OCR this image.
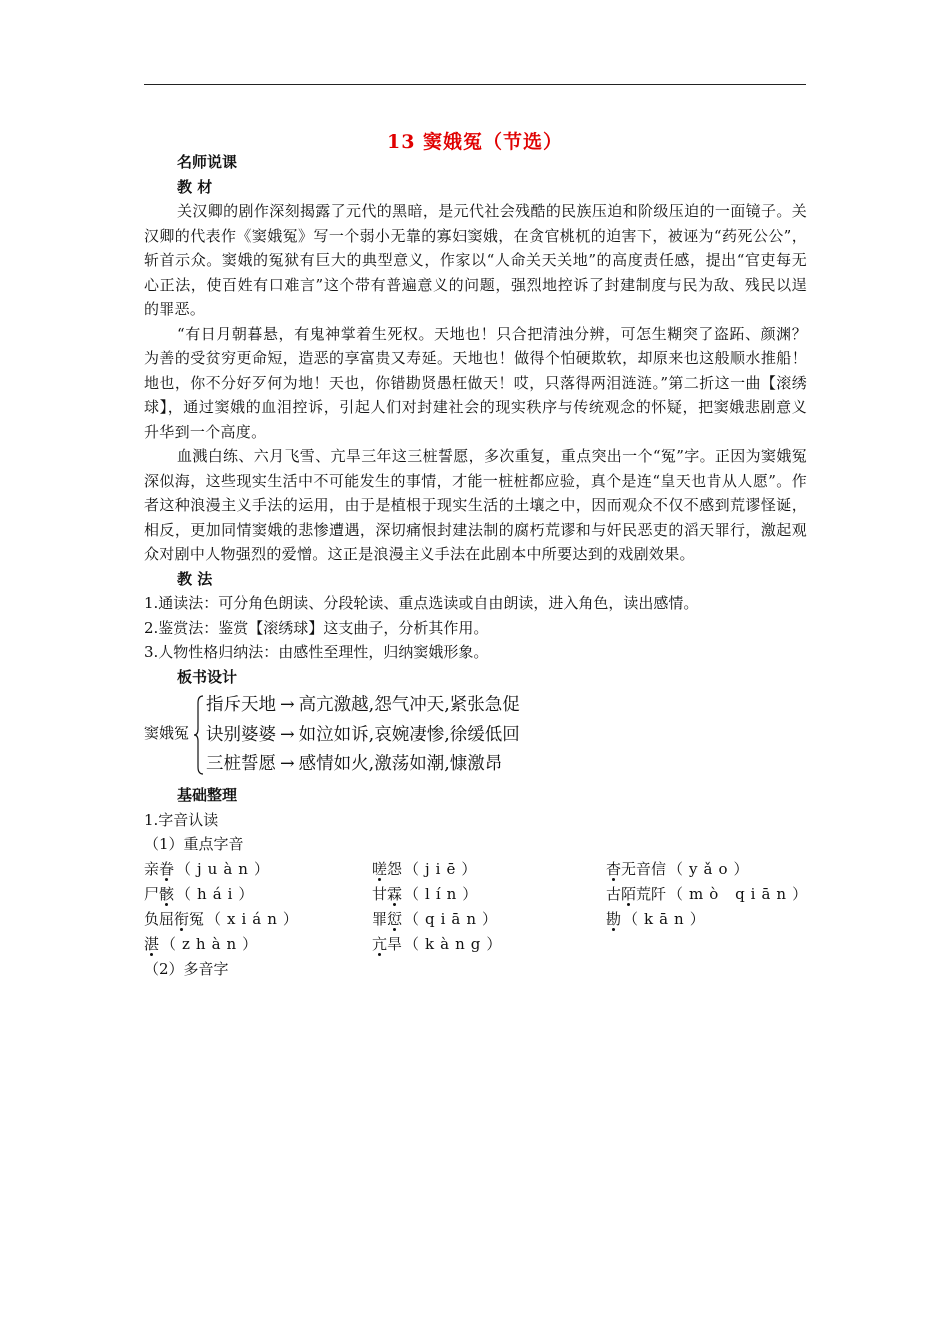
13 窦娥冤（节选）

名师说课

教 材

关汉卿的剧作深刻揭露了元代的黑暗，是元代社会残酷的民族压迫和阶级压迫的一面镜子。关汉卿的代表作《窦娥冤》写一个弱小无靠的寡妇窦娥，在贪官桃杌的迫害下，被诬为“药死公公”，斩首示众。窦娥的冤狱有巨大的典型意义，作家以“人命关天关地”的高度责任感，提出“官吏每无心正法，使百姓有口难言”这个带有普遍意义的问题，强烈地控诉了封建制度与民为敌、残民以逞的罪恶。

“有日月朝暮悬，有鬼神掌着生死权。天地也！只合把清浊分辨，可怎生糊突了盗跖、颜渊？为善的受贫穷更命短，造恶的享富贵又寿延。天地也！做得个怕硬欺软，却原来也这般顺水推船！地也，你不分好歹何为地！天也，你错勘贤愚枉做天！哎，只落得两泪涟涟。”第二折这一曲【滚绣球】，通过窦娥的血泪控诉，引起人们对封建社会的现实秩序与传统观念的怀疑，把窦娥悲剧意义升华到一个高度。

血溅白练、六月飞雪、亢旱三年这三桩誓愿，多次重复，重点突出一个“冤”字。正因为窦娥冤深似海，这些现实生活中不可能发生的事情，才能一桩桩都应验，真个是连“皇天也肯从人愿”。作者这种浪漫主义手法的运用，由于是植根于现实生活的土壤之中，因而观众不仅不感到荒谬怪诞，相反，更加同情窦娥的悲惨遭遇，深切痛恨封建法制的腐朽荒谬和与奸民恶吏的滔天罪行，激起观众对剧中人物强烈的爱憎。这正是浪漫主义手法在此剧本中所要达到的戏剧效果。

教 法

1.通读法：可分角色朗读、分段轮读、重点选读或自由朗读，进入角色，读出感情。

2.鉴赏法：鉴赏【滚绣球】这支曲子，分析其作用。

3.人物性格归纳法：由感性至理性，归纳窦娥形象。

板书设计

窦娥冤
指斥天地 → 高亢激越,怨气冲天,紧张急促
诀别婆婆 → 如泣如诉,哀婉凄惨,徐缓低回
三桩誓愿 → 感情如火,激荡如潮,慷激昂

基础整理

1.字音认读

（1）重点字音

亲眷 （juàn）	嗟怨 （jiē）	杳无音信 （yǎo）
尸骸 （hái）	甘霖 （lín）	古陌荒阡 （mò qiān）
负屈衔冤 （xián）	罪愆 （qiān）	勘 （kān）
湛 （zhàn）	亢旱 （kàng）

（2）多音字
